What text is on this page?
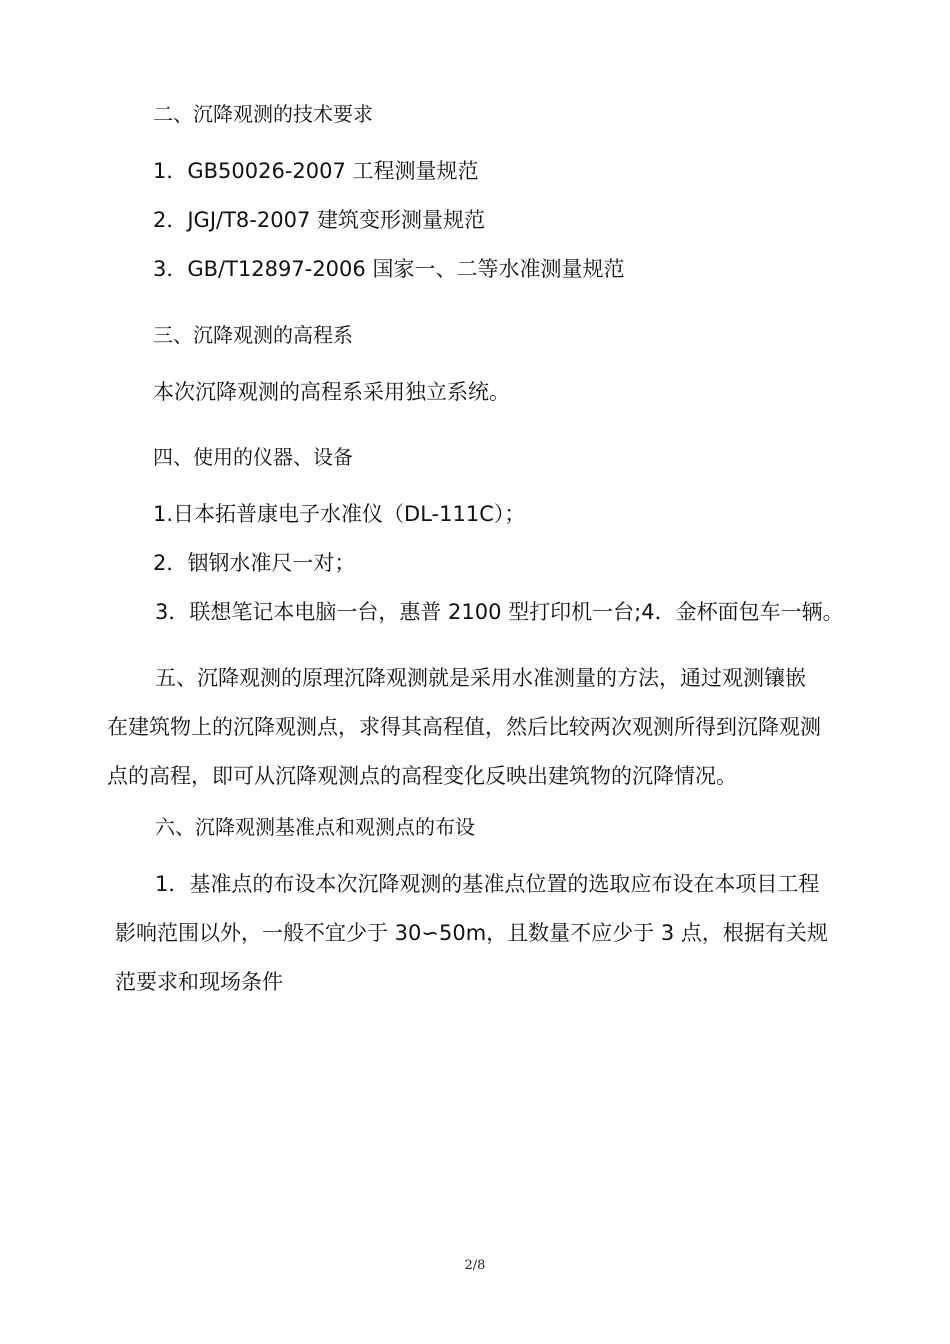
二、沉降观测的技术要求

1．GB50026-2007 工程测量规范

2．JGJ/T8-2007 建筑变形测量规范

3．GB/T12897-2006 国家一、二等水准测量规范

三、沉降观测的高程系

本次沉降观测的高程系采用独立系统。

四、使用的仪器、设备

1.日本拓普康电子水准仪（DL-111C）；

2．铟钢水准尺一对；

3．联想笔记本电脑一台，惠普 2100 型打印机一台;4．金杯面包车一辆。

五、沉降观测的原理沉降观测就是采用水准测量的方法，通过观测镶嵌

在建筑物上的沉降观测点，求得其高程值，然后比较两次观测所得到沉降观测

点的高程，即可从沉降观测点的高程变化反映出建筑物的沉降情况。

六、沉降观测基准点和观测点的布设

1．基准点的布设本次沉降观测的基准点位置的选取应布设在本项目工程

影响范围以外，一般不宜少于 30∽50m，且数量不应少于 3 点，根据有关规

范要求和现场条件

2/8
